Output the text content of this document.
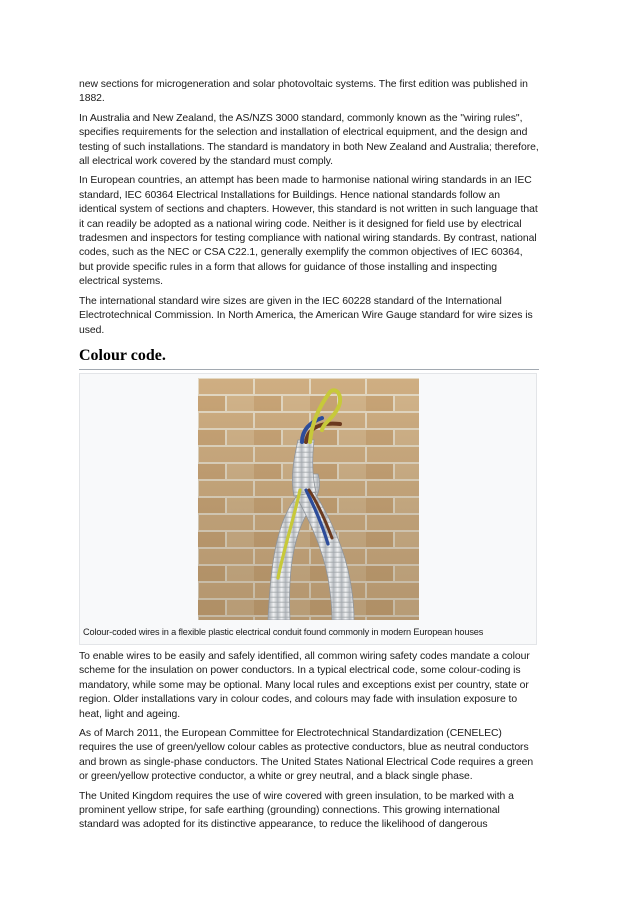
new sections for microgeneration and solar photovoltaic systems. The first edition was published in 1882.

In Australia and New Zealand, the AS/NZS 3000 standard, commonly known as the "wiring rules", specifies requirements for the selection and installation of electrical equipment, and the design and testing of such installations. The standard is mandatory in both New Zealand and Australia; therefore, all electrical work covered by the standard must comply.

In European countries, an attempt has been made to harmonise national wiring standards in an IEC standard, IEC 60364 Electrical Installations for Buildings. Hence national standards follow an identical system of sections and chapters. However, this standard is not written in such language that it can readily be adopted as a national wiring code. Neither is it designed for field use by electrical tradesmen and inspectors for testing compliance with national wiring standards. By contrast, national codes, such as the NEC or CSA C22.1, generally exemplify the common objectives of IEC 60364, but provide specific rules in a form that allows for guidance of those installing and inspecting electrical systems.

The international standard wire sizes are given in the IEC 60228 standard of the International Electrotechnical Commission. In North America, the American Wire Gauge standard for wire sizes is used.

Colour code.
Colour-coded wires in a flexible plastic electrical conduit found commonly in modern European houses

To enable wires to be easily and safely identified, all common wiring safety codes mandate a colour scheme for the insulation on power conductors. In a typical electrical code, some colour-coding is mandatory, while some may be optional. Many local rules and exceptions exist per country, state or region. Older installations vary in colour codes, and colours may fade with insulation exposure to heat, light and ageing.

As of March 2011, the European Committee for Electrotechnical Standardization (CENELEC) requires the use of green/yellow colour cables as protective conductors, blue as neutral conductors and brown as single-phase conductors. The United States National Electrical Code requires a green or green/yellow protective conductor, a white or grey neutral, and a black single phase.

The United Kingdom requires the use of wire covered with green insulation, to be marked with a prominent yellow stripe, for safe earthing (grounding) connections. This growing international standard was adopted for its distinctive appearance, to reduce the likelihood of dangerous
